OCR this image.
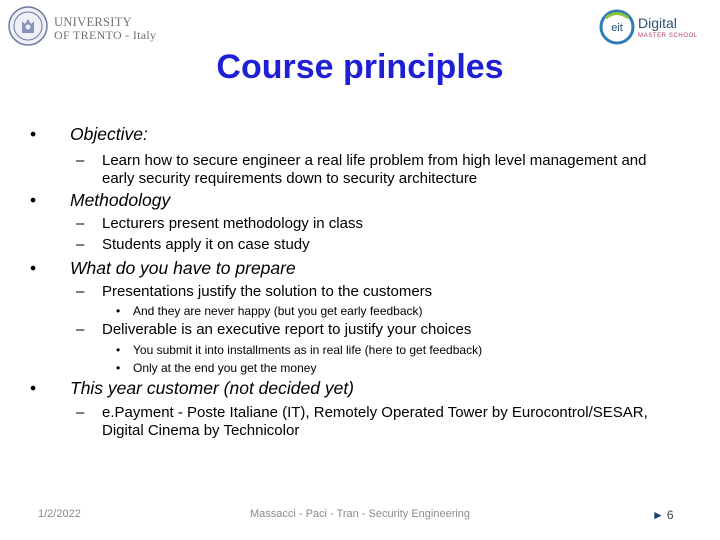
UNIVERSITY
OF TRENTO - Italy	eit Digital
MASTER SCHOOL
Course principles
• Objective:
– Learn how to secure engineer a real life problem from high level management and early security requirements down to security architecture
• Methodology
– Lecturers present methodology in class
– Students apply it on case study
• What do you have to prepare
– Presentations justify the solution to the customers
• And they are never happy (but you get early feedback)
– Deliverable is an executive report to justify your choices
• You submit it into installments as in real life (here to get feedback)
• Only at the end you get the money
• This year customer (not decided yet)
– e.Payment - Poste Italiane (IT), Remotely Operated Tower by Eurocontrol/SESAR, Digital Cinema by Technicolor
1/2/2022	Massacci - Paci - Tran - Security Engineering	► 6
